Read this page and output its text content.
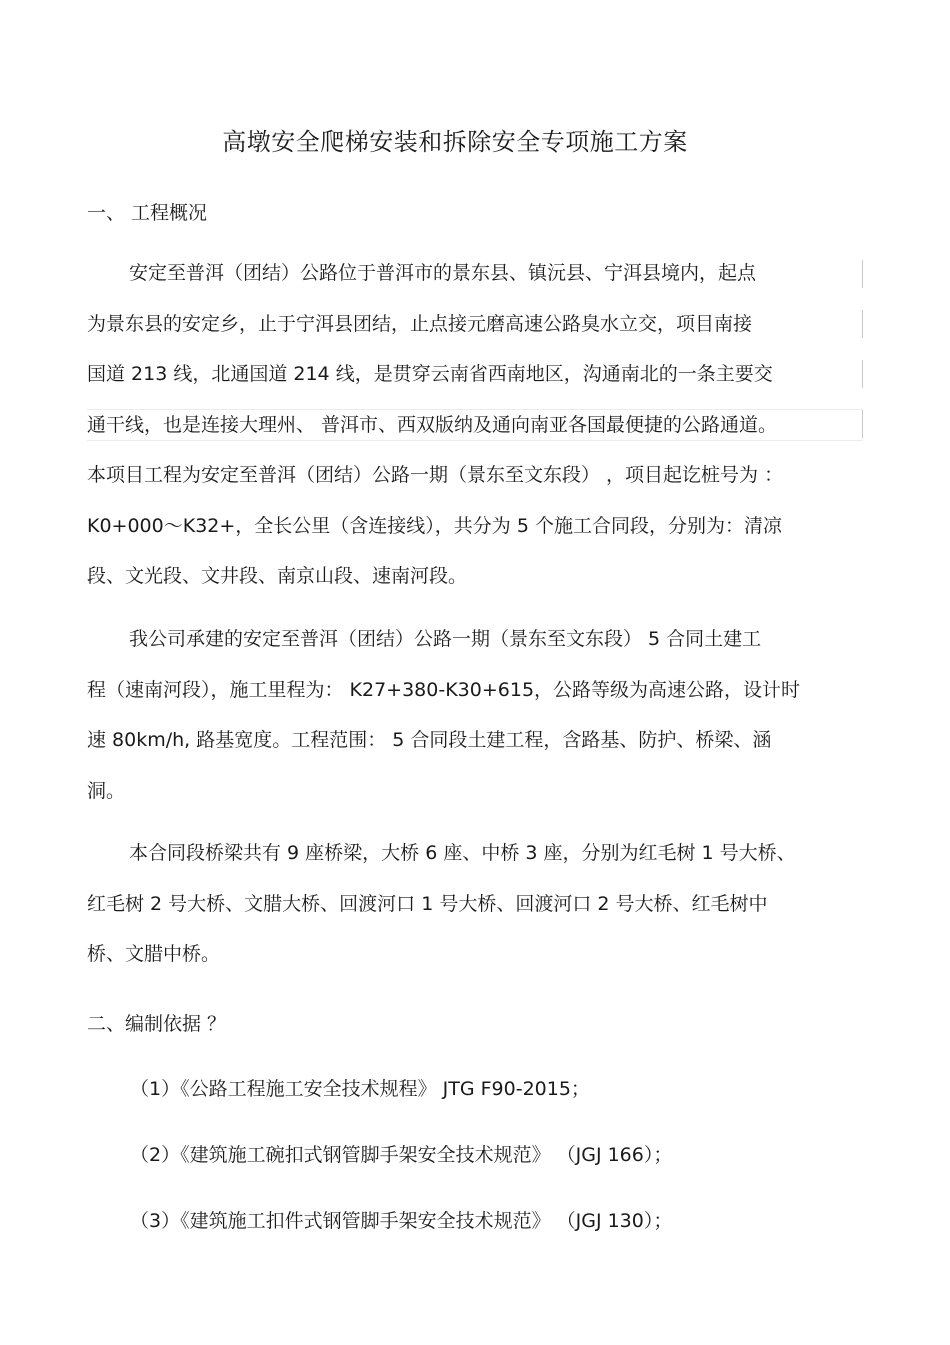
高墩安全爬梯安装和拆除安全专项施工方案
一、 工程概况
安定至普洱（团结）公路位于普洱市的景东县、镇沅县、宁洱县境内，起点
为景东县的安定乡，止于宁洱县团结，止点接元磨高速公路臭水立交，项目南接
国道 213 线，北通国道 214 线，是贯穿云南省西南地区，沟通南北的一条主要交
通干线，也是连接大理州、 普洱市、西双版纳及通向南亚各国最便捷的公路通道。
本项目工程为安定至普洱（团结）公路一期（景东至文东段） ，项目起讫桩号为 ：
K0+000～K32+，全长公里（含连接线），共分为 5 个施工合同段，分别为：清凉
段、文光段、文井段、南京山段、速南河段。
我公司承建的安定至普洱（团结）公路一期（景东至文东段） 5 合同土建工
程（速南河段），施工里程为： K27+380-K30+615，公路等级为高速公路，设计时
速 80km/h, 路基宽度。工程范围： 5 合同段土建工程，含路基、防护、桥梁、涵
洞。
本合同段桥梁共有 9 座桥梁，大桥 6 座、中桥 3 座，分别为红毛树 1 号大桥、
红毛树 2 号大桥、文腊大桥、回渡河口 1 号大桥、回渡河口 2 号大桥、红毛树中
桥、文腊中桥。
二、编制依据 ？

（1）《公路工程施工安全技术规程》 JTG F90-2015；

（2）《建筑施工碗扣式钢管脚手架安全技术规范》 （JGJ 166）；

（3）《建筑施工扣件式钢管脚手架安全技术规范》 （JGJ 130）；
